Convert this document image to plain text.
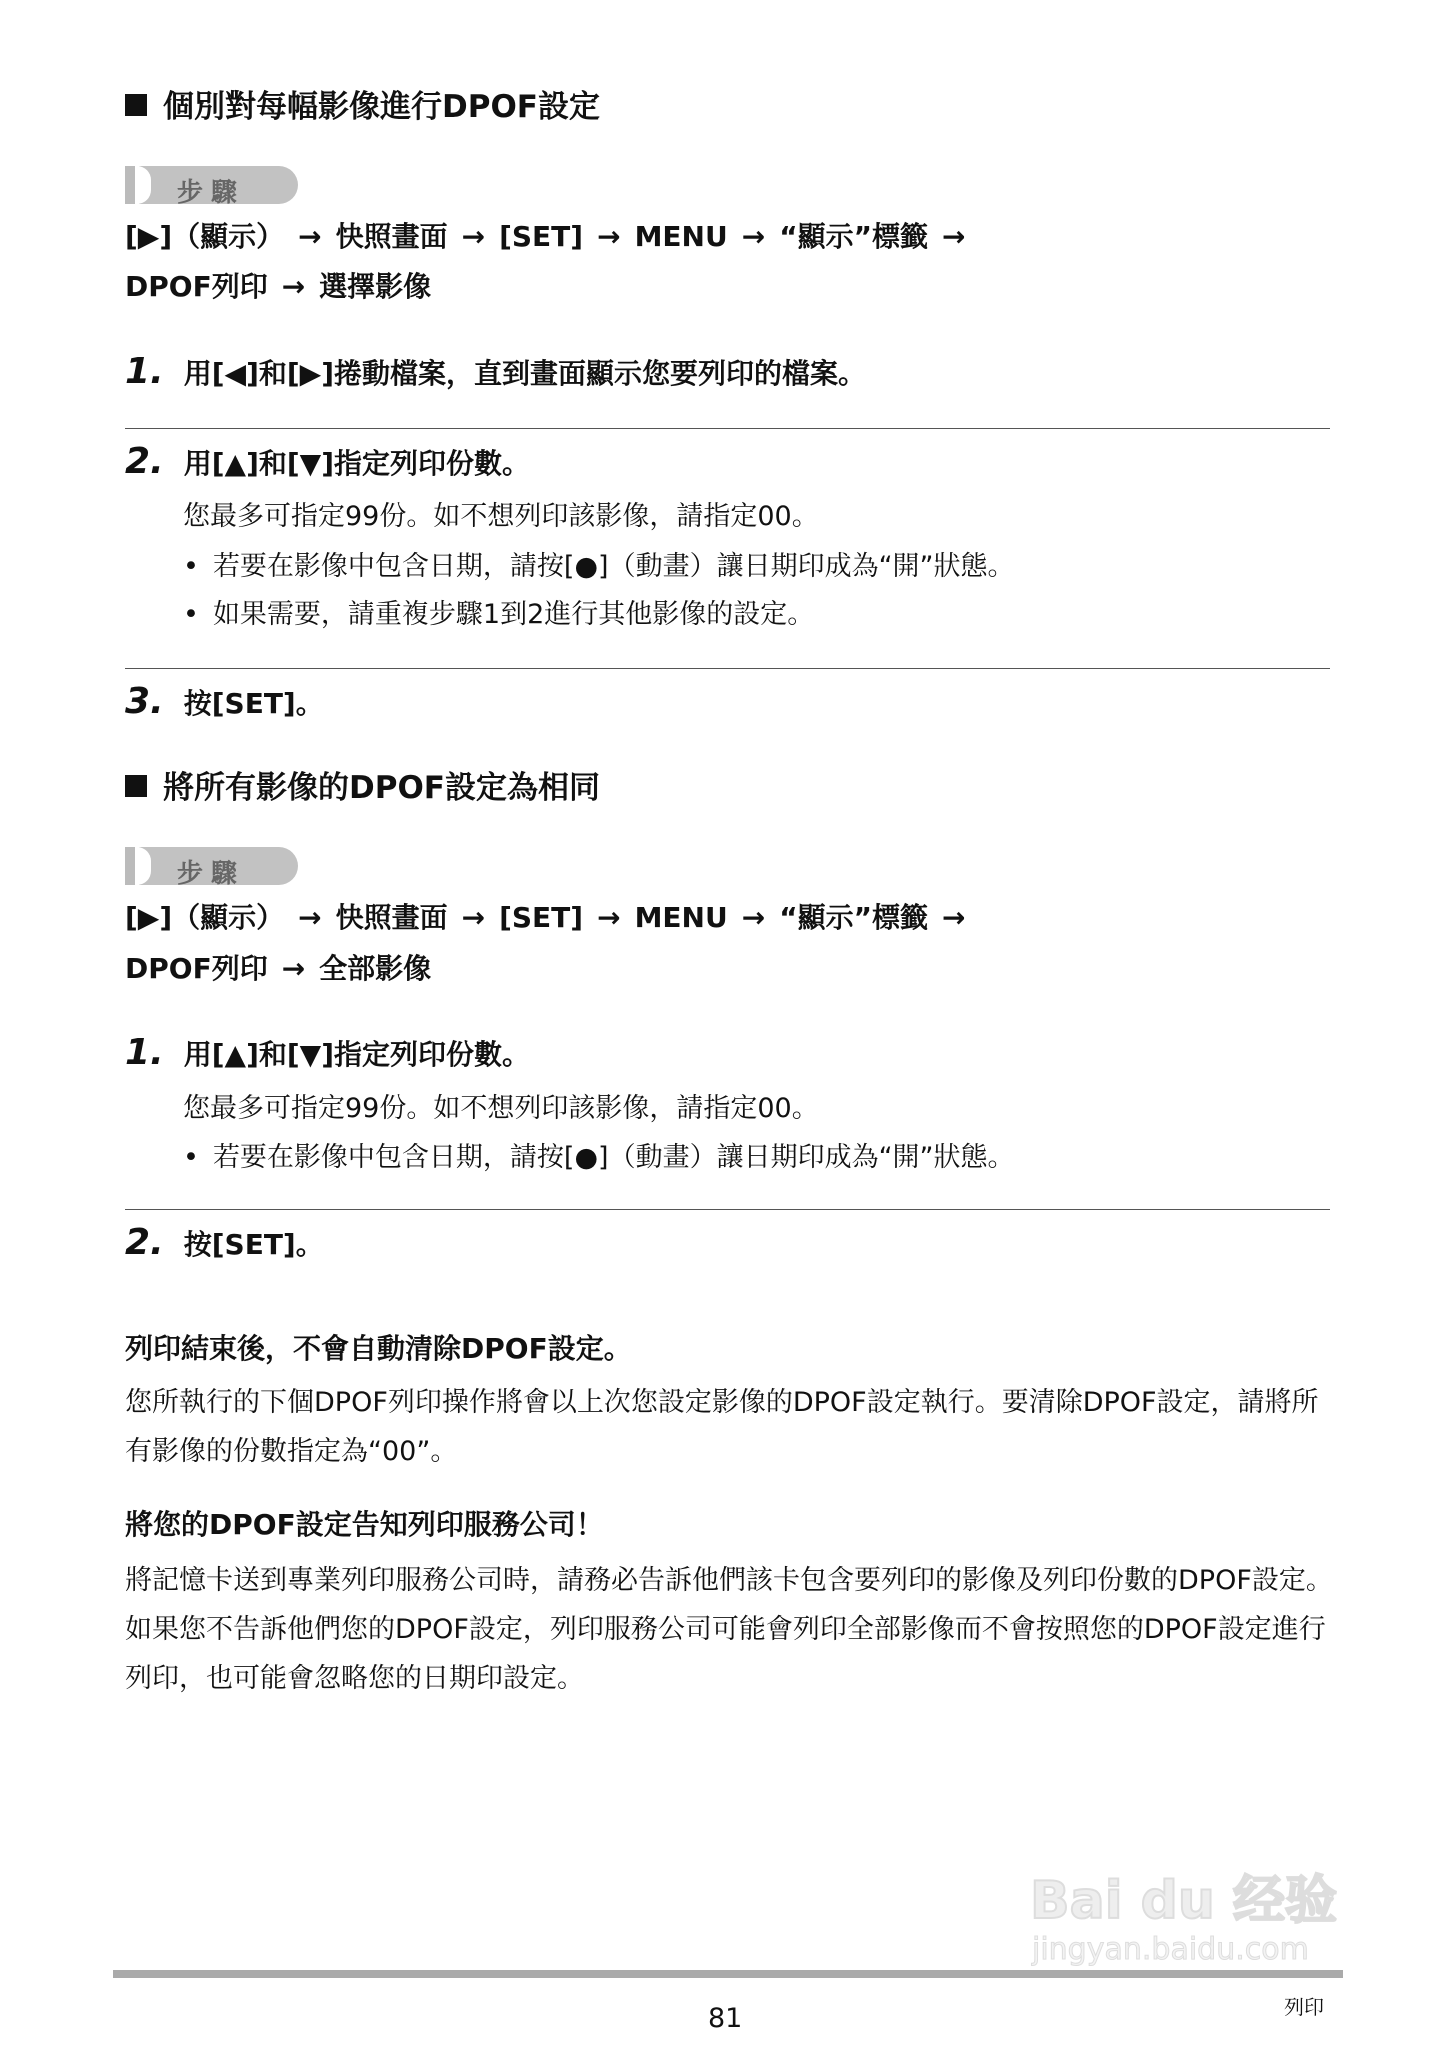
個別對每幅影像進行DPOF設定
步驟
[▶]（顯示） → 快照畫面 → [SET] → MENU → “顯示”標籤 →
DPOF列印 → 選擇影像
1. 用[◀]和[▶]捲動檔案，直到畫面顯示您要列印的檔案。
2. 用[▲]和[▼]指定列印份數。
您最多可指定99份。如不想列印該影像，請指定00。
• 若要在影像中包含日期，請按[●]（動畫）讓日期印成為“開”狀態。
• 如果需要，請重複步驟1到2進行其他影像的設定。
3. 按[SET]。
將所有影像的DPOF設定為相同
步驟
[▶]（顯示） → 快照畫面 → [SET] → MENU → “顯示”標籤 →
DPOF列印 → 全部影像
1. 用[▲]和[▼]指定列印份數。
您最多可指定99份。如不想列印該影像，請指定00。
• 若要在影像中包含日期，請按[●]（動畫）讓日期印成為“開”狀態。
2. 按[SET]。
列印結束後，不會自動清除DPOF設定。
您所執行的下個DPOF列印操作將會以上次您設定影像的DPOF設定執行。要清除DPOF設定，請將所有影像的份數指定為“00”。
將您的DPOF設定告知列印服務公司！
將記憶卡送到專業列印服務公司時，請務必告訴他們該卡包含要列印的影像及列印份數的DPOF設定。如果您不告訴他們您的DPOF設定，列印服務公司可能會列印全部影像而不會按照您的DPOF設定進行列印，也可能會忽略您的日期印設定。
Bai du 经验
jingyan.baidu.com
81	列印
